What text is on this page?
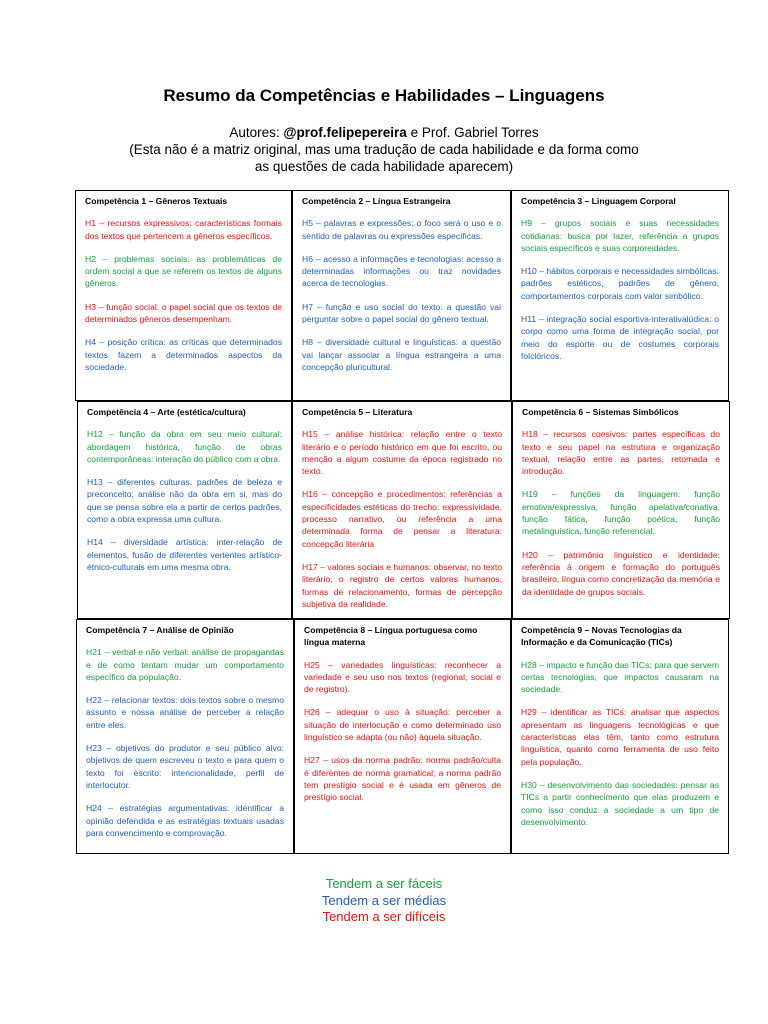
Resumo da Competências e Habilidades – Linguagens
Autores: @prof.felipepereira e Prof. Gabriel Torres
(Esta não é a matriz original, mas uma tradução de cada habilidade e da forma como as questões de cada habilidade aparecem)
Competência 1 – Gêneros Textuais

H1 – recursos expressivos: características formais dos textos que pertencem a gêneros específicos.

H2 – problemas sociais: as problemáticas de ordem social a que se referem os textos de alguns gêneros.

H3 – função social: o papel social que os textos de determinados gêneros desempenham.

H4 – posição crítica: as críticas que determinados textos fazem a determinados aspectos da sociedade.

Competência 2 – Língua Estrangeira

H5 – palavras e expressões: o foco será o uso e o sentido de palavras ou expressões específicas.

H6 – acesso a informações e tecnologias: acesso a determinadas informações ou traz novidades acerca de tecnologias.

H7 – função e uso social do texto: a questão vai perguntar sobre o papel social do gênero textual.

H8 – diversidade cultural e linguísticas: a questão vai lançar associar a língua estrangeira a uma concepção pluricultural.

Competência 3 – Linguagem Corporal

H9 – grupos sociais e suas necessidades cotidianas: busca por lazer, referência a grupos sociais específicos e suas corporeidades.

H10 – hábitos corporais e necessidades simbólicas: padrões estéticos, padrões de gênero, comportamentos corporais com valor simbólico.

H11 – integração social esportiva-interativalúdica: o corpo como uma forma de integração social, por meio do esporte ou de costumes corporais folclóricos.

Competência 4 – Arte (estética/cultura)

H12 – função da obra em seu meio cultural: abordagem histórica, função de obras contemporâneas: interação do público com a obra.

H13 – diferentes culturas, padrões de beleza e preconceito: análise não da obra em si, mas do que se pensa sobre ela a partir de certos padrões, como a obra expressa uma cultura.

H14 – diversidade artística: inter-relação de elementos, fusão de diferentes vertentes artístico-étnico-culturais em uma mesma obra.

Competência 5 – Literatura

H15 – análise histórica: relação entre o texto literário e o período histórico em que foi escrito, ou menção a algum costume da época registrado no texto.

H16 – concepção e procedimentos: referências a especificidades estéticas do trecho: expressividade, processo narrativo, ou referência a uma determinada forma de pensar a literatura: concepção literária

H17 – valores sociais e humanos: observar, no texto literário, o registro de certos valores humanos, formas de relacionamento, formas de percepção subjetiva da realidade.

Competência 6 – Sistemas Simbólicos

H18 – recursos coesivos: partes específicas do texto e seu papel na estrutura e organização textual, relação entre as partes, retomada e introdução.

H19 – funções da linguagem: função emotiva/expressiva, função apelativa/conativa, função fática, função poética, função metalinguística, função referencial.

H20 – patrimônio linguístico e identidade: referência à origem e formação do português brasileiro, língua como concretização da memória e da identidade de grupos sociais.

Competência 7 – Análise de Opinião

H21 – verbal e não verbal: análise de propagandas e de como tentam mudar um comportamento específico da população.

H22 – relacionar textos: dois textos sobre o mesmo assunto e nossa análise de perceber a relação entre eles.

H23 – objetivos do produtor e seu público alvo: objetivos de quem escreveu o texto e para quem o texto foi escrito: intencionalidade, perfil de interlocutor.

H24 – estratégias argumentativas: identificar a opinião defendida e as estratégias textuais usadas para convencimento e comprovação.

Competência 8 – Língua portuguesa como língua materna

H25 – variedades linguísticas: reconhecer a variedade e seu uso nos textos (regional, social e de registro).

H26 – adequar o uso à situação: perceber a situação de interlocução e como determinado uso linguístico se adapta (ou não) àquela situação.

H27 – usos da norma padrão: norma padrão/culta é diferentes de norma gramatical; a norma padrão tem prestígio social e é usada em gêneros de prestígio social.

Competência 9 – Novas Tecnologias da Informação e da Comunicação (TICs)

H28 – impacto e função das TICs: para que servem certas tecnologias, que impactos causaram na sociedade.

H29 – identificar as TICs: analisar que aspectos apresentam as linguagens tecnológicas e que características elas têm, tanto como estrutura linguística, quanto como ferramenta de uso feito pela população.

H30 – desenvolvimento das sociedades: pensar as TICs a partir conhecimento que elas produzem e como isso conduz a sociedade a um tipo de desenvolvimento.

Tendem a ser fáceis
Tendem a ser médias
Tendem a ser difíceis
